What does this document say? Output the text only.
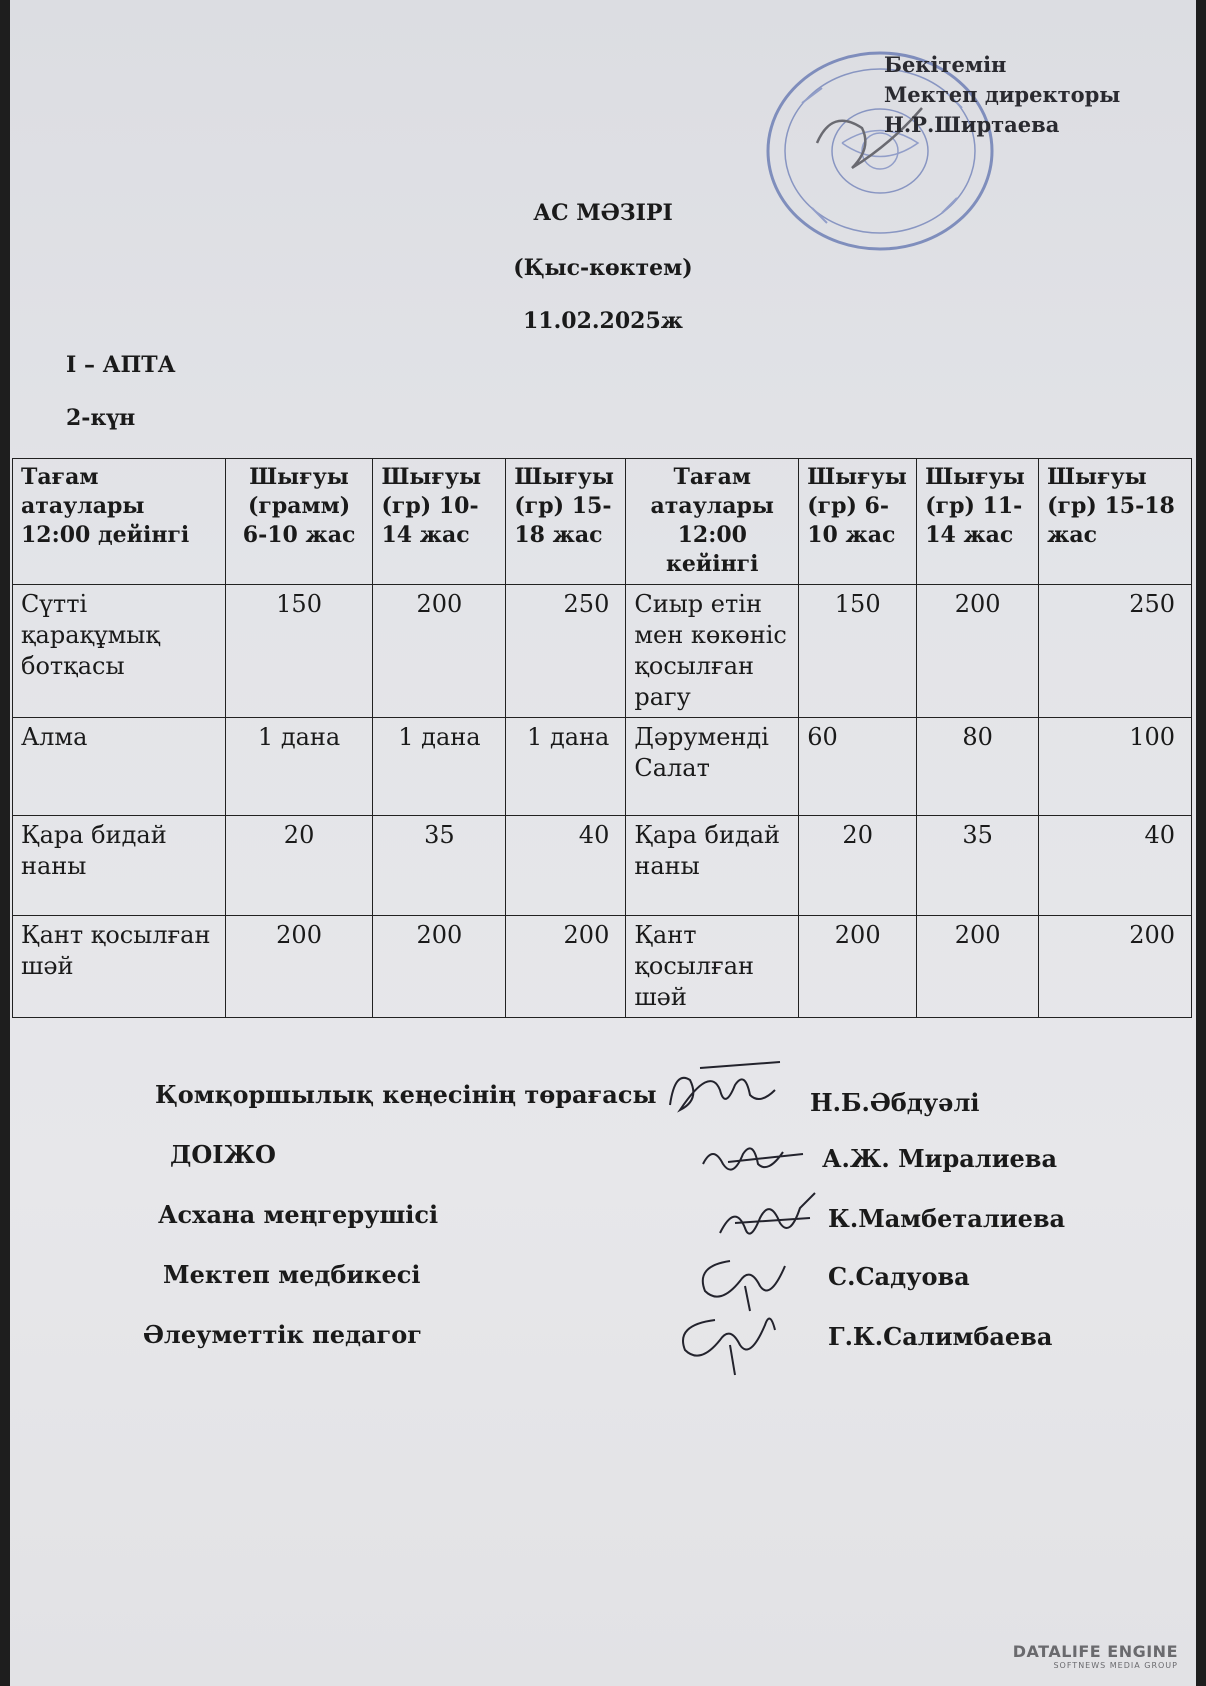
Бекітемін
Мектеп директоры
Н.Р.Ширтаева
АС МӘЗІРІ
(Қыс-көктем)
11.02.2025ж
І – АПТА
2-күн
Тағам атаулары 12:00 дейінгі	Шығуы (грамм) 6-10 жас	Шығуы (гр) 10-14 жас	Шығуы (гр) 15-18 жас	Тағам атаулары 12:00 кейінгі	Шығуы (гр) 6-10 жас	Шығуы (гр) 11-14 жас	Шығуы (гр) 15-18 жас
Сүтті қарақұмық ботқасы	150	200	250	Сиыр етін мен көкөніс қосылған рагу	150	200	250
Алма	1 дана	1 дана	1 дана	Дәруменді Салат	60	80	100
Қара бидай наны	20	35	40	Қара бидай наны	20	35	40
Қант қосылған шәй	200	200	200	Қант қосылған шәй	200	200	200
Қомқоршылық кеңесінің төрағасы	Н.Б.Әбдуәлі
ДОІЖО	А.Ж. Миралиева
Асхана меңгерушісі	К.Мамбеталиева
Мектеп медбикесі	С.Садуова
Әлеуметтік педагог	Г.К.Салимбаева
DATALIFE ENGINE
SOFTNEWS MEDIA GROUP
